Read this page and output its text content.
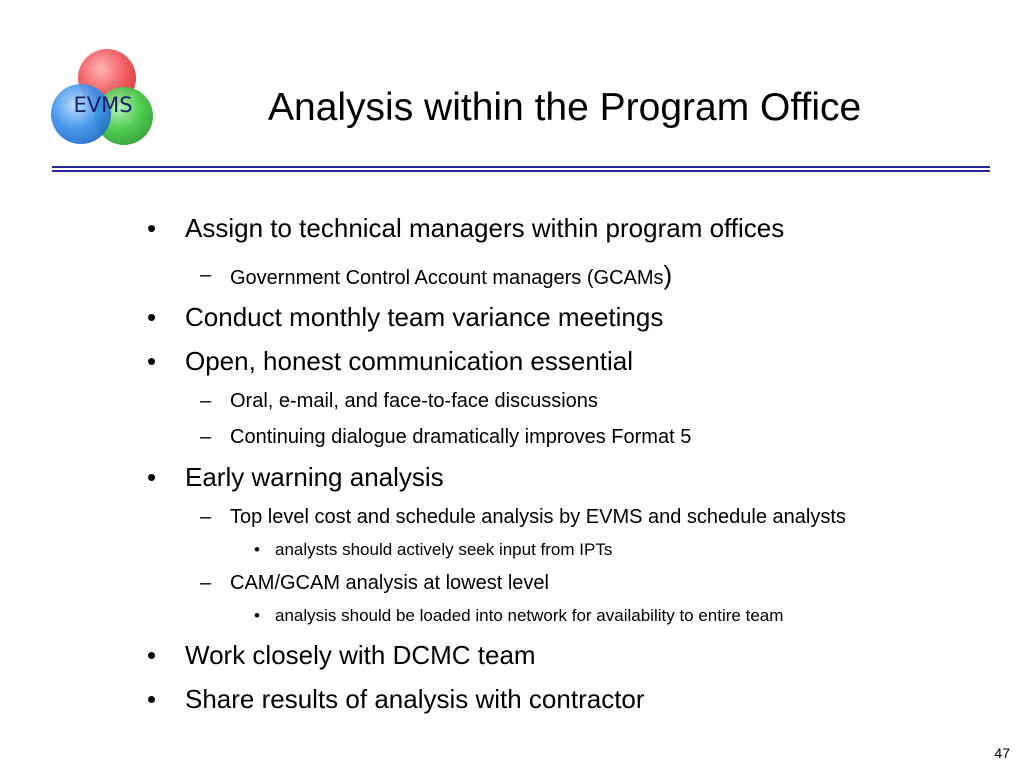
EVMS	Analysis within the Program Office
• Assign to technical managers within program offices
– Government Control Account managers (GCAMs)
• Conduct monthly team variance meetings
• Open, honest communication essential
– Oral, e-mail, and face-to-face discussions
– Continuing dialogue dramatically improves Format 5
• Early warning analysis
– Top level cost and schedule analysis by EVMS and schedule analysts
• analysts should actively seek input from IPTs
– CAM/GCAM analysis at lowest level
• analysis should be loaded into network for availability to entire team
• Work closely with DCMC team
• Share results of analysis with contractor
47
